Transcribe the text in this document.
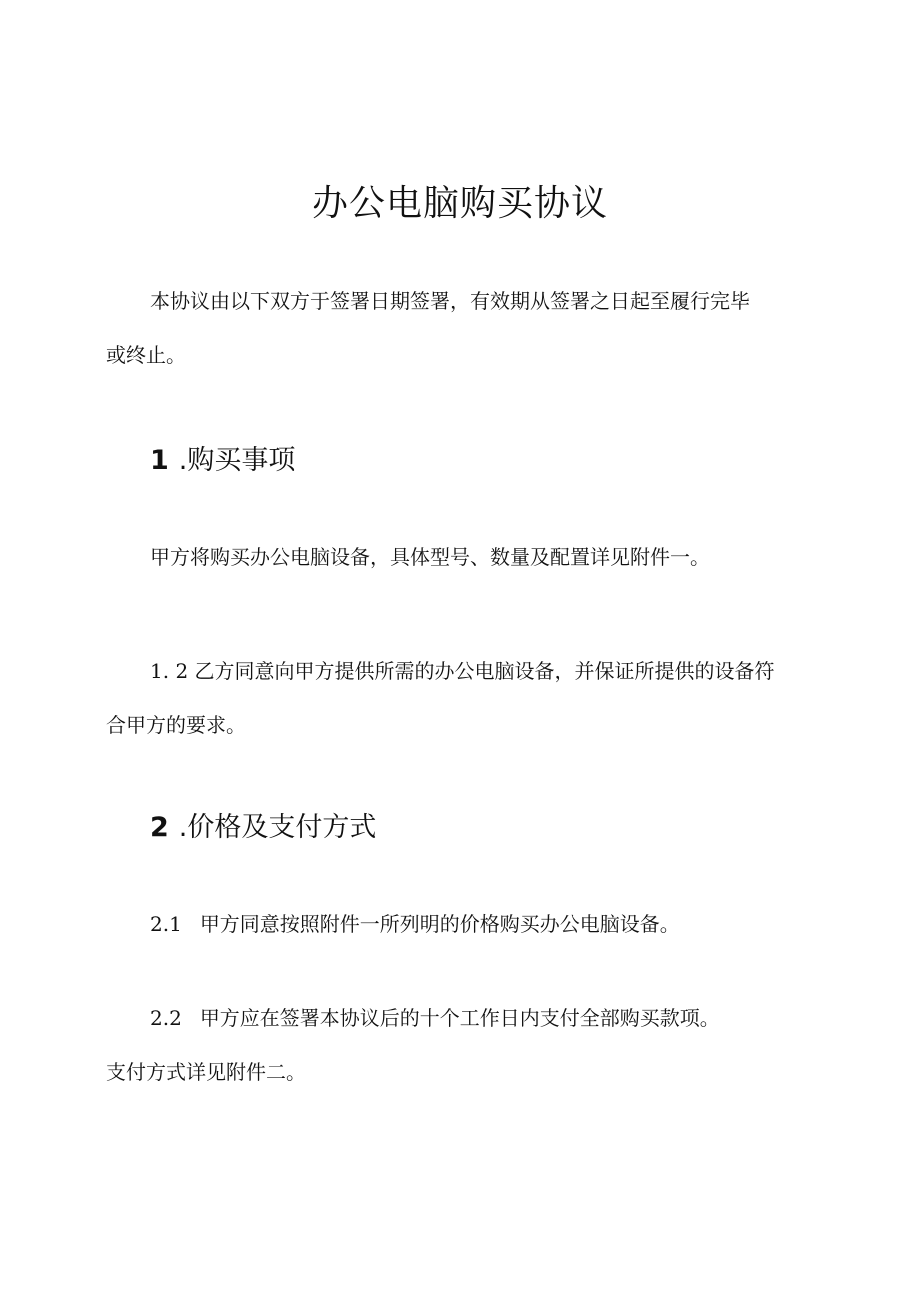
办公电脑购买协议
本协议由以下双方于签署日期签署，有效期从签署之日起至履行完毕
或终止。
1 .购买事项
甲方将购买办公电脑设备，具体型号、数量及配置详见附件一。
1. 2 乙方同意向甲方提供所需的办公电脑设备，并保证所提供的设备符
合甲方的要求。
2 .价格及支付方式
2.1 甲方同意按照附件一所列明的价格购买办公电脑设备。
2.2 甲方应在签署本协议后的十个工作日内支付全部购买款项。
支付方式详见附件二。
